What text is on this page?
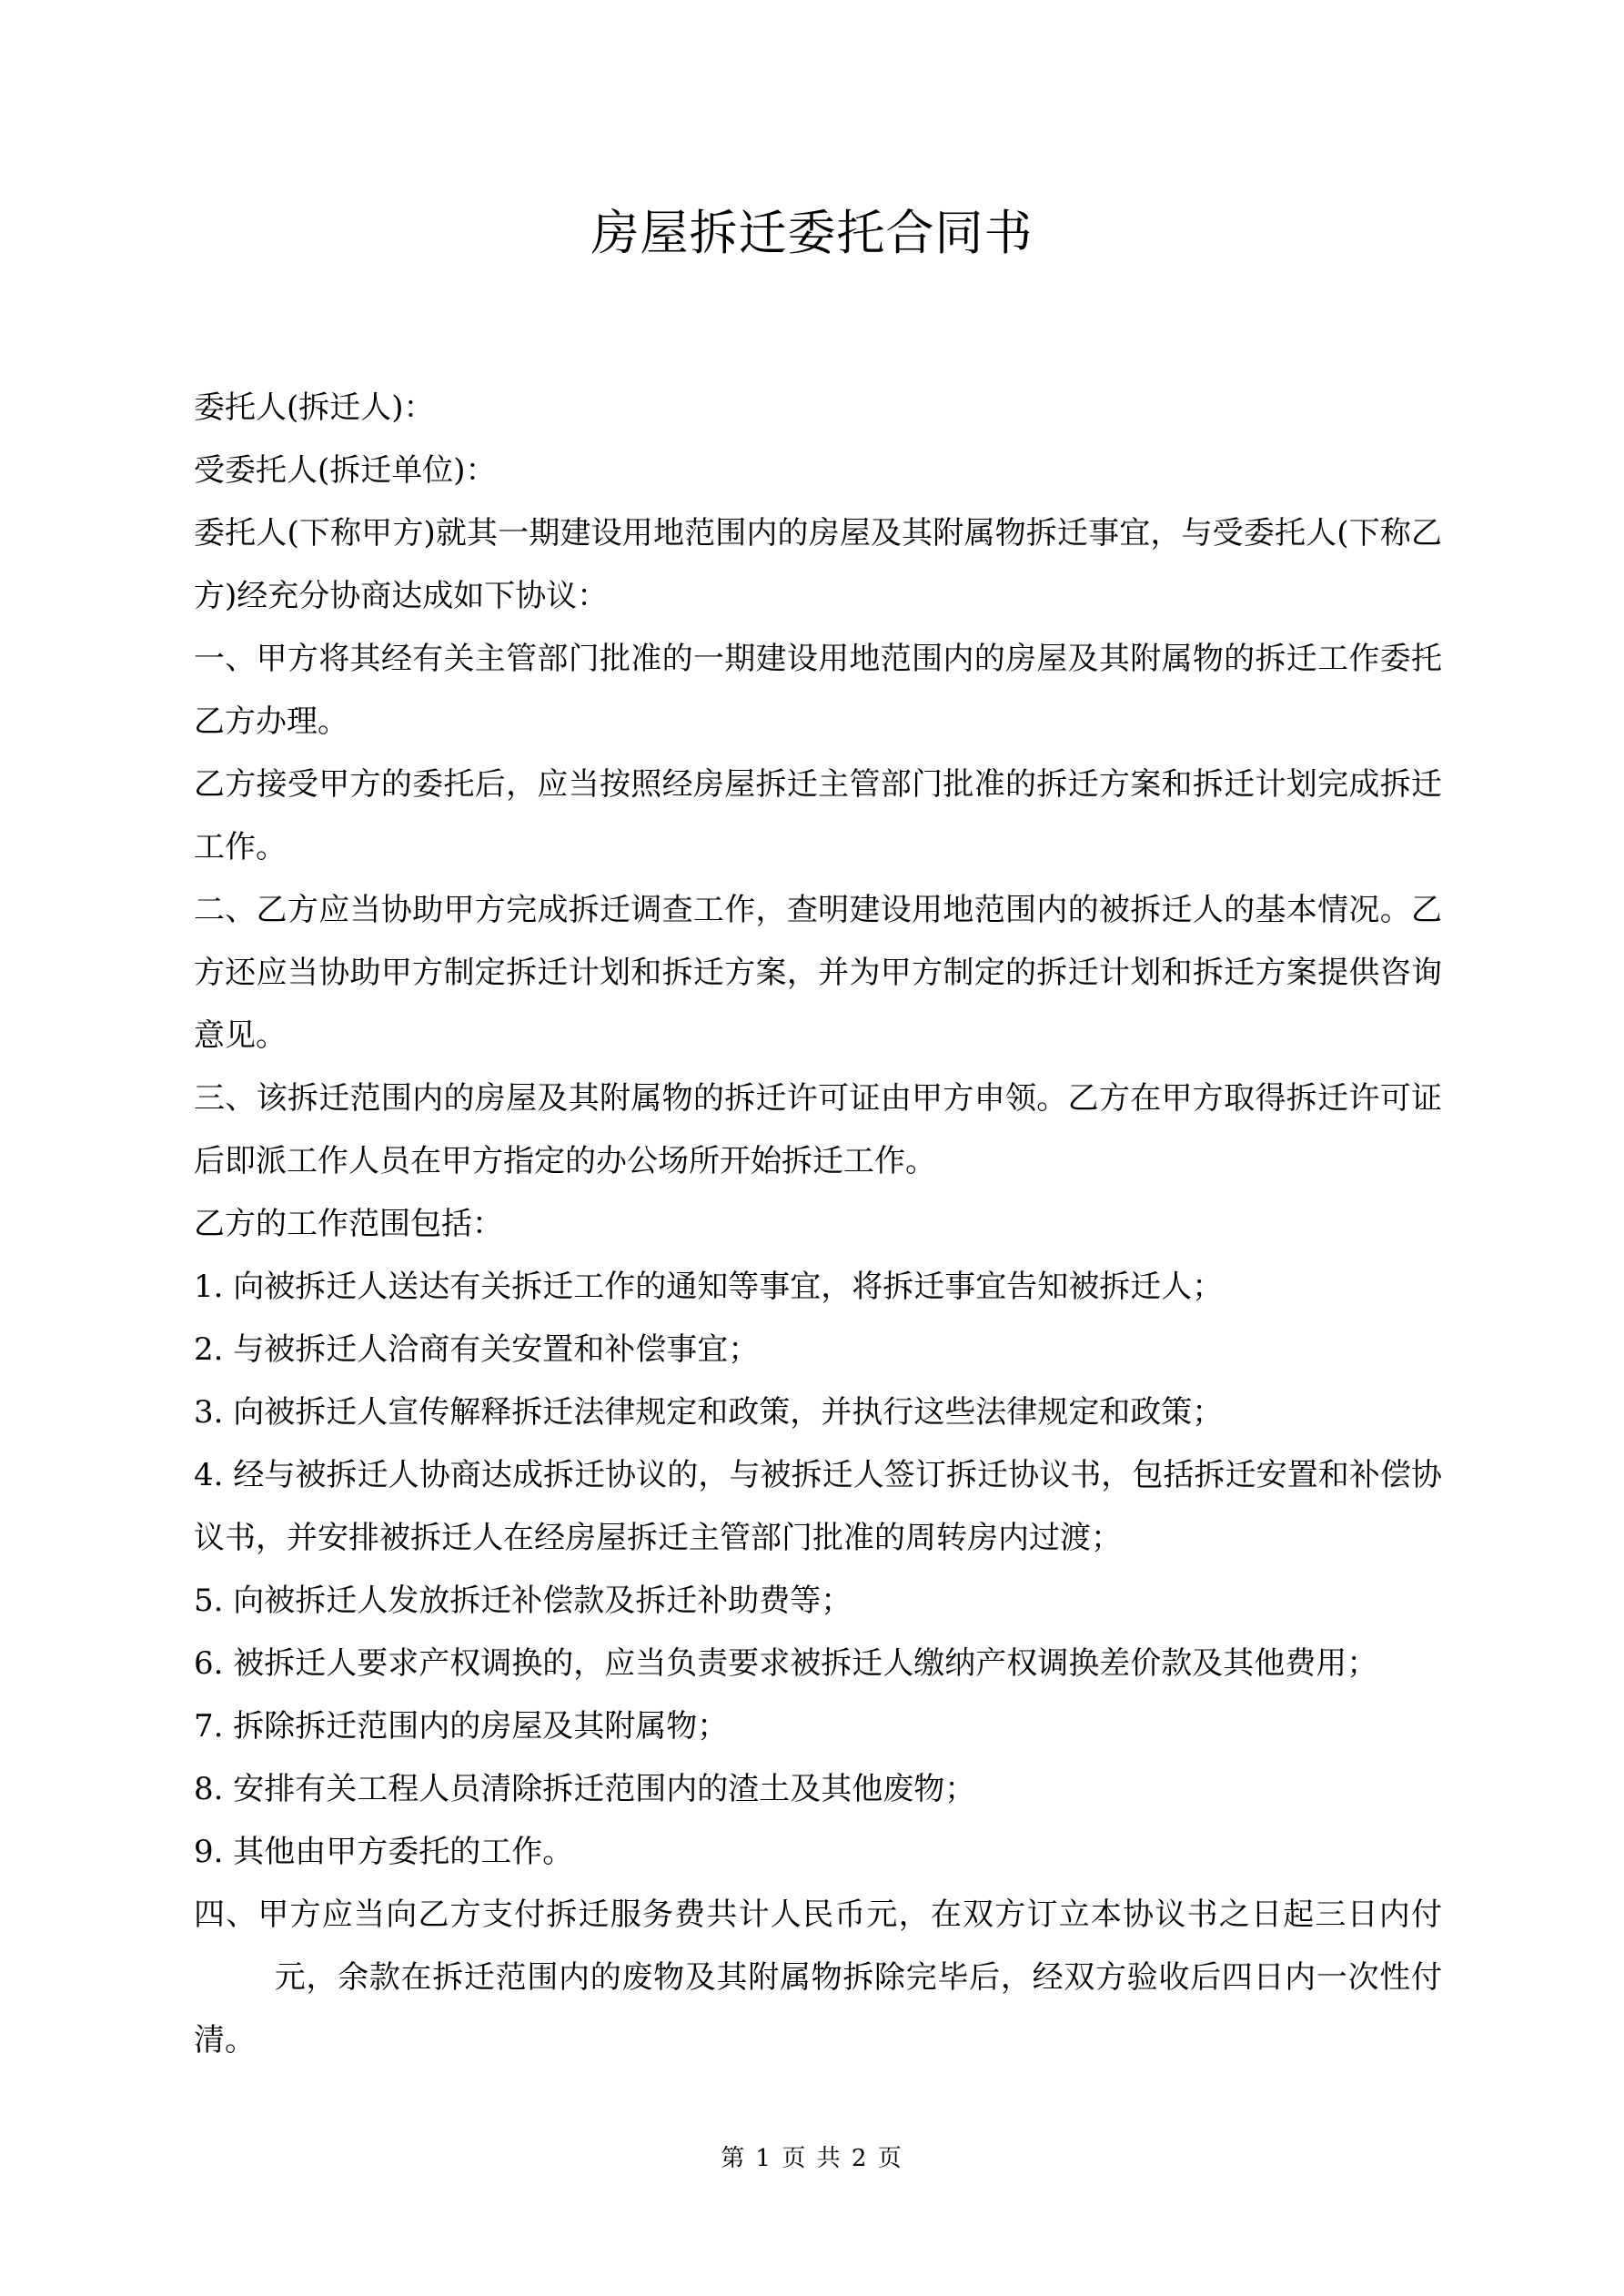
房屋拆迁委托合同书

委托人(拆迁人)：

受委托人(拆迁单位)：

委托人(下称甲方)就其一期建设用地范围内的房屋及其附属物拆迁事宜，与受委托人(下称乙方)经充分协商达成如下协议：

一、甲方将其经有关主管部门批准的一期建设用地范围内的房屋及其附属物的拆迁工作委托乙方办理。

乙方接受甲方的委托后，应当按照经房屋拆迁主管部门批准的拆迁方案和拆迁计划完成拆迁工作。

二、乙方应当协助甲方完成拆迁调查工作，查明建设用地范围内的被拆迁人的基本情况。乙方还应当协助甲方制定拆迁计划和拆迁方案，并为甲方制定的拆迁计划和拆迁方案提供咨询意见。

三、该拆迁范围内的房屋及其附属物的拆迁许可证由甲方申领。乙方在甲方取得拆迁许可证后即派工作人员在甲方指定的办公场所开始拆迁工作。

乙方的工作范围包括：

1. 向被拆迁人送达有关拆迁工作的通知等事宜，将拆迁事宜告知被拆迁人；

2. 与被拆迁人洽商有关安置和补偿事宜；

3. 向被拆迁人宣传解释拆迁法律规定和政策，并执行这些法律规定和政策；

4. 经与被拆迁人协商达成拆迁协议的，与被拆迁人签订拆迁协议书，包括拆迁安置和补偿协议书，并安排被拆迁人在经房屋拆迁主管部门批准的周转房内过渡；

5. 向被拆迁人发放拆迁补偿款及拆迁补助费等；

6. 被拆迁人要求产权调换的，应当负责要求被拆迁人缴纳产权调换差价款及其他费用；

7. 拆除拆迁范围内的房屋及其附属物；

8. 安排有关工程人员清除拆迁范围内的渣土及其他废物；

9. 其他由甲方委托的工作。

四、甲方应当向乙方支付拆迁服务费共计人民币元，在双方订立本协议书之日起三日内付元，余款在拆迁范围内的废物及其附属物拆除完毕后，经双方验收后四日内一次性付清。

第 1 页 共 2 页
